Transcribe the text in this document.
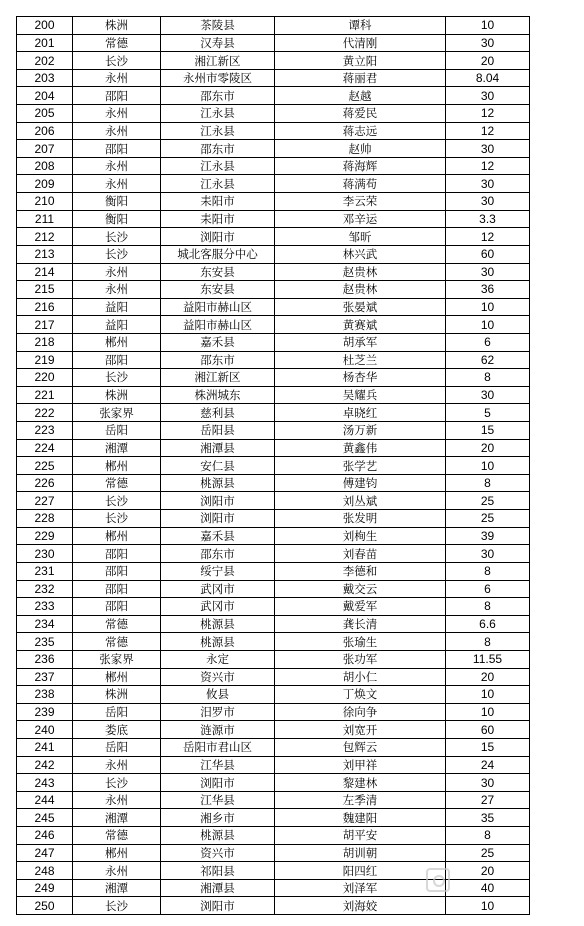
200	株洲	茶陵县	谭科	10
201	常德	汉寿县	代清刚	30
202	长沙	湘江新区	黄立阳	20
203	永州	永州市零陵区	蒋丽君	8.04
204	邵阳	邵东市	赵越	30
205	永州	江永县	蒋爱民	12
206	永州	江永县	蒋志远	12
207	邵阳	邵东市	赵帅	30
208	永州	江永县	蒋海辉	12
209	永州	江永县	蒋满苟	30
210	衡阳	耒阳市	李云荣	30
211	衡阳	耒阳市	邓辛运	3.3
212	长沙	浏阳市	邹昕	12
213	长沙	城北客服分中心	林兴武	60
214	永州	东安县	赵贵林	30
215	永州	东安县	赵贵林	36
216	益阳	益阳市赫山区	张晏斌	10
217	益阳	益阳市赫山区	黄赛斌	10
218	郴州	嘉禾县	胡承军	6
219	邵阳	邵东市	杜芝兰	62
220	长沙	湘江新区	杨杏华	8
221	株洲	株洲城东	吴耀兵	30
222	张家界	慈利县	卓晓红	5
223	岳阳	岳阳县	汤万新	15
224	湘潭	湘潭县	黄鑫伟	20
225	郴州	安仁县	张学艺	10
226	常德	桃源县	傅建钧	8
227	长沙	浏阳市	刘丛斌	25
228	长沙	浏阳市	张发明	25
229	郴州	嘉禾县	刘栒生	39
230	邵阳	邵东市	刘春苗	30
231	邵阳	绥宁县	李德和	8
232	邵阳	武冈市	戴交云	6
233	邵阳	武冈市	戴爱军	8
234	常德	桃源县	龚长清	6.6
235	常德	桃源县	张瑜生	8
236	张家界	永定	张功军	11.55
237	郴州	资兴市	胡小仁	20
238	株洲	攸县	丁焕文	10
239	岳阳	汨罗市	徐向争	10
240	娄底	涟源市	刘宽开	60
241	岳阳	岳阳市君山区	包辉云	15
242	永州	江华县	刘甲祥	24
243	长沙	浏阳市	黎建林	30
244	永州	江华县	左季清	27
245	湘潭	湘乡市	魏建阳	35
246	常德	桃源县	胡平安	8
247	郴州	资兴市	胡训朝	25
248	永州	祁阳县	阳四红	20
249	湘潭	湘潭县	刘泽军	40
250	长沙	浏阳市	刘海姣	10
